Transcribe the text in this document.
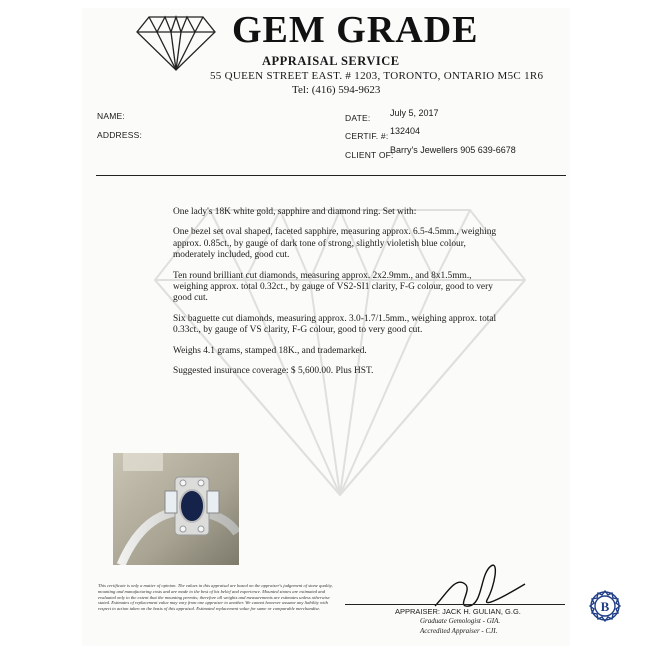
GEM GRADE
APPRAISAL SERVICE
55 QUEEN STREET EAST. # 1203, TORONTO, ONTARIO M5C 1R6
Tel: (416) 594-9623
NAME:
ADDRESS:
DATE: July 5, 2017
CERTIF. #: 132404
CLIENT OF:
Barry's Jewellers 905 639-6678

One lady's 18K white gold, sapphire and diamond ring. Set with:

One bezel set oval shaped, faceted sapphire, measuring approx. 6.5-4.5mm., weighing approx. 0.85ct., by gauge of dark tone of strong, slightly violetish blue colour, moderately included, good cut.

Ten round brilliant cut diamonds, measuring approx. 2x2.9mm., and 8x1.5mm., weighing approx. total 0.32ct., by gauge of VS2-SI1 clarity, F-G colour, good to very good cut.

Six baguette cut diamonds, measuring approx. 3.0-1.7/1.5mm., weighing approx. total 0.33ct., by gauge of VS clarity, F-G colour, good to very good cut.

Weighs 4.1 grams, stamped 18K., and trademarked.

Suggested insurance coverage: $ 5,600.00. Plus HST.

This certificate is only a matter of opinion. The values in this appraisal are based on the appraiser's judgement of stone quality, mounting and manufacturing costs and are made to the best of his belief and experience. Mounted stones are estimated and evaluated only to the extent that the mounting permits; therefore all weights and measurements are estimates unless otherwise stated. Estimates of replacement value may vary from one appraiser to another. We cannot however assume any liability with respect to action taken on the basis of this appraisal. Estimated replacement value for same or comparable merchandise.	APPRAISER: JACK H. GULIAN, G.G.
Graduate Gemologist - GIA.
Accredited Appraiser - CJI.
B
